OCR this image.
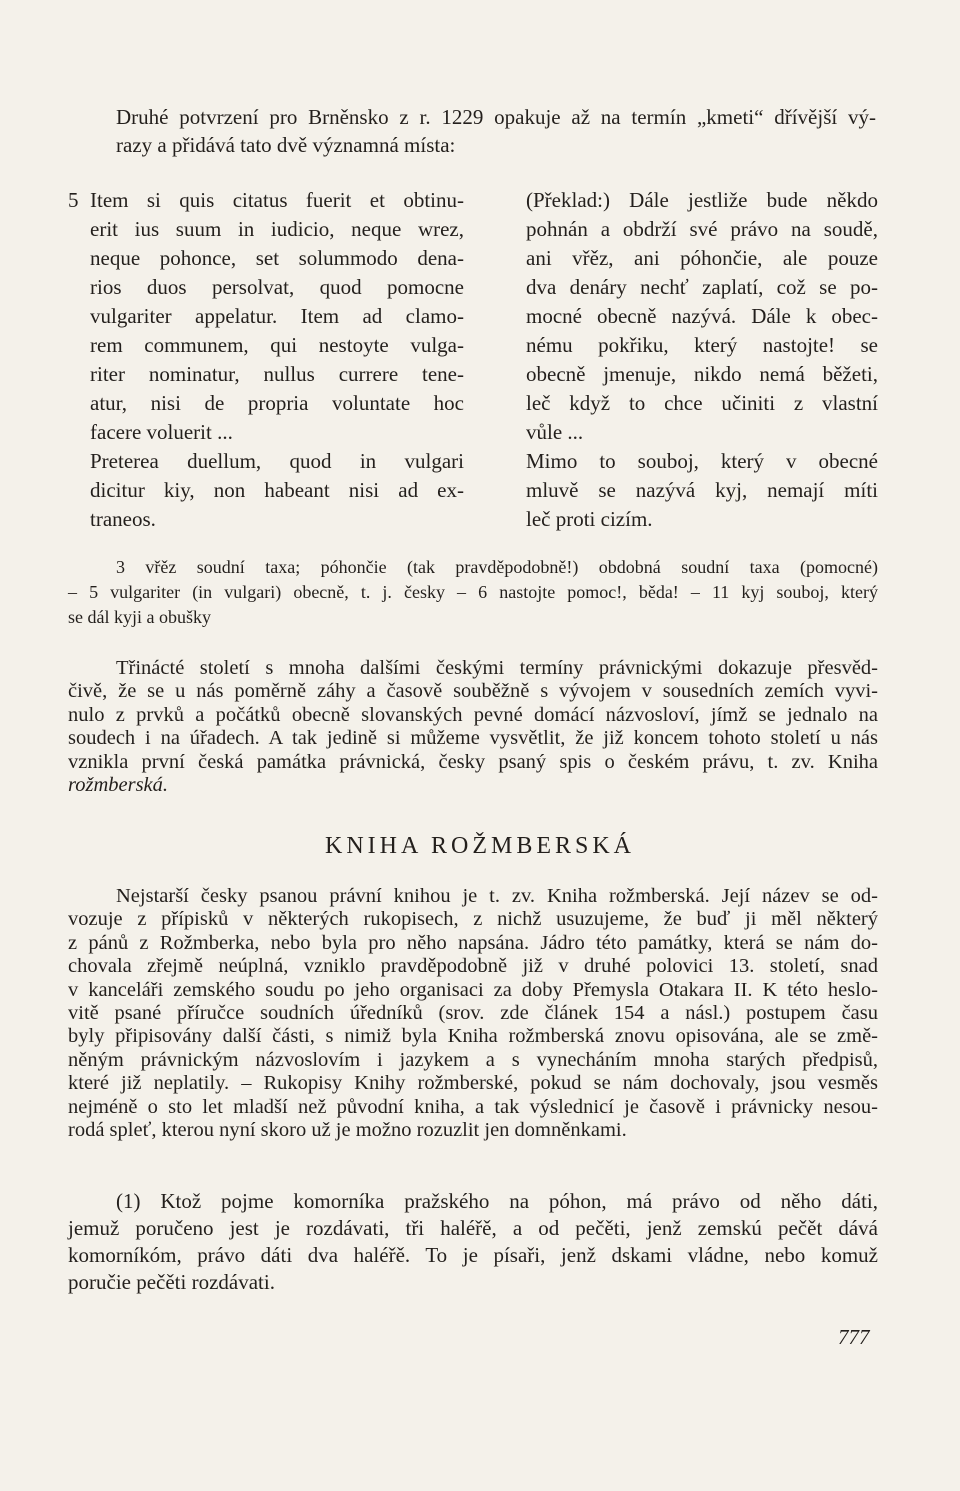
Druhé potvrzení pro Brněnsko z r. 1229 opakuje až na termín „kmeti“ dřívější vý-
razy a přidává tato dvě významná místa:
5 Item si quis citatus fuerit et obtinu-
erit ius suum in iudicio, neque wrez,
neque pohonce, set solummodo dena-
rios duos persolvat, quod pomocne
vulgariter appelatur. Item ad clamo-
rem communem, qui nestoyte vulga-
riter nominatur, nullus currere tene-
atur, nisi de propria voluntate hoc
facere voluerit ...
Preterea duellum, quod in vulgari
dicitur kiy, non habeant nisi ad ex-
traneos.
(Překlad:) Dále jestliže bude někdo
pohnán a obdrží své právo na soudě,
ani vřěz, ani póhončie, ale pouze
dva denáry nechť zaplatí, což se po-
mocné obecně nazývá. Dále k obec-
nému pokřiku, který nastojte! se
obecně jmenuje, nikdo nemá běžeti,
leč když to chce učiniti z vlastní
vůle ...
Mimo to souboj, který v obecné
mluvě se nazývá kyj, nemají míti
leč proti cizím.
3 vřěz soudní taxa; póhončie (tak pravděpodobně!) obdobná soudní taxa (pomocné)
– 5 vulgariter (in vulgari) obecně, t. j. česky – 6 nastojte pomoc!, běda! – 11 kyj souboj, který
se dál kyji a obušky
Třinácté století s mnoha dalšími českými termíny právnickými dokazuje přesvěd-
čivě, že se u nás poměrně záhy a časově souběžně s vývojem v sousedních zemích vyvi-
nulo z prvků a počátků obecně slovanských pevné domácí názvosloví, jímž se jednalo na
soudech i na úřadech. A tak jedině si můžeme vysvětlit, že již koncem tohoto století u nás
vznikla první česká památka právnická, česky psaný spis o českém právu, t. zv. Kniha
rožmberská.
KNIHA ROŽMBERSKÁ
Nejstarší česky psanou právní knihou je t. zv. Kniha rožmberská. Její název se od-
vozuje z přípisků v některých rukopisech, z nichž usuzujeme, že buď ji měl některý
z pánů z Rožmberka, nebo byla pro něho napsána. Jádro této památky, která se nám do-
chovala zřejmě neúplná, vzniklo pravděpodobně již v druhé polovici 13. století, snad
v kanceláři zemského soudu po jeho organisaci za doby Přemysla Otakara II. K této heslo-
vitě psané příručce soudních úředníků (srov. zde článek 154 a násl.) postupem času
byly připisovány další části, s nimiž byla Kniha rožmberská znovu opisována, ale se změ-
něným právnickým názvoslovím i jazykem a s vynecháním mnoha starých předpisů,
které již neplatily. – Rukopisy Knihy rožmberské, pokud se nám dochovaly, jsou vesměs
nejméně o sto let mladší než původní kniha, a tak výslednicí je časově i právnicky nesou-
rodá spleť, kterou nyní skoro už je možno rozuzlit jen domněnkami.
(1) Ktož pojme komorníka pražského na póhon, má právo od něho dáti,
jemuž poručeno jest je rozdávati, tři haléřě, a od pečěti, jenž zemskú pečět dává
komorníkóm, právo dáti dva haléřě. To je písaři, jenž dskami vládne, nebo komuž
poručie pečěti rozdávati.
777
